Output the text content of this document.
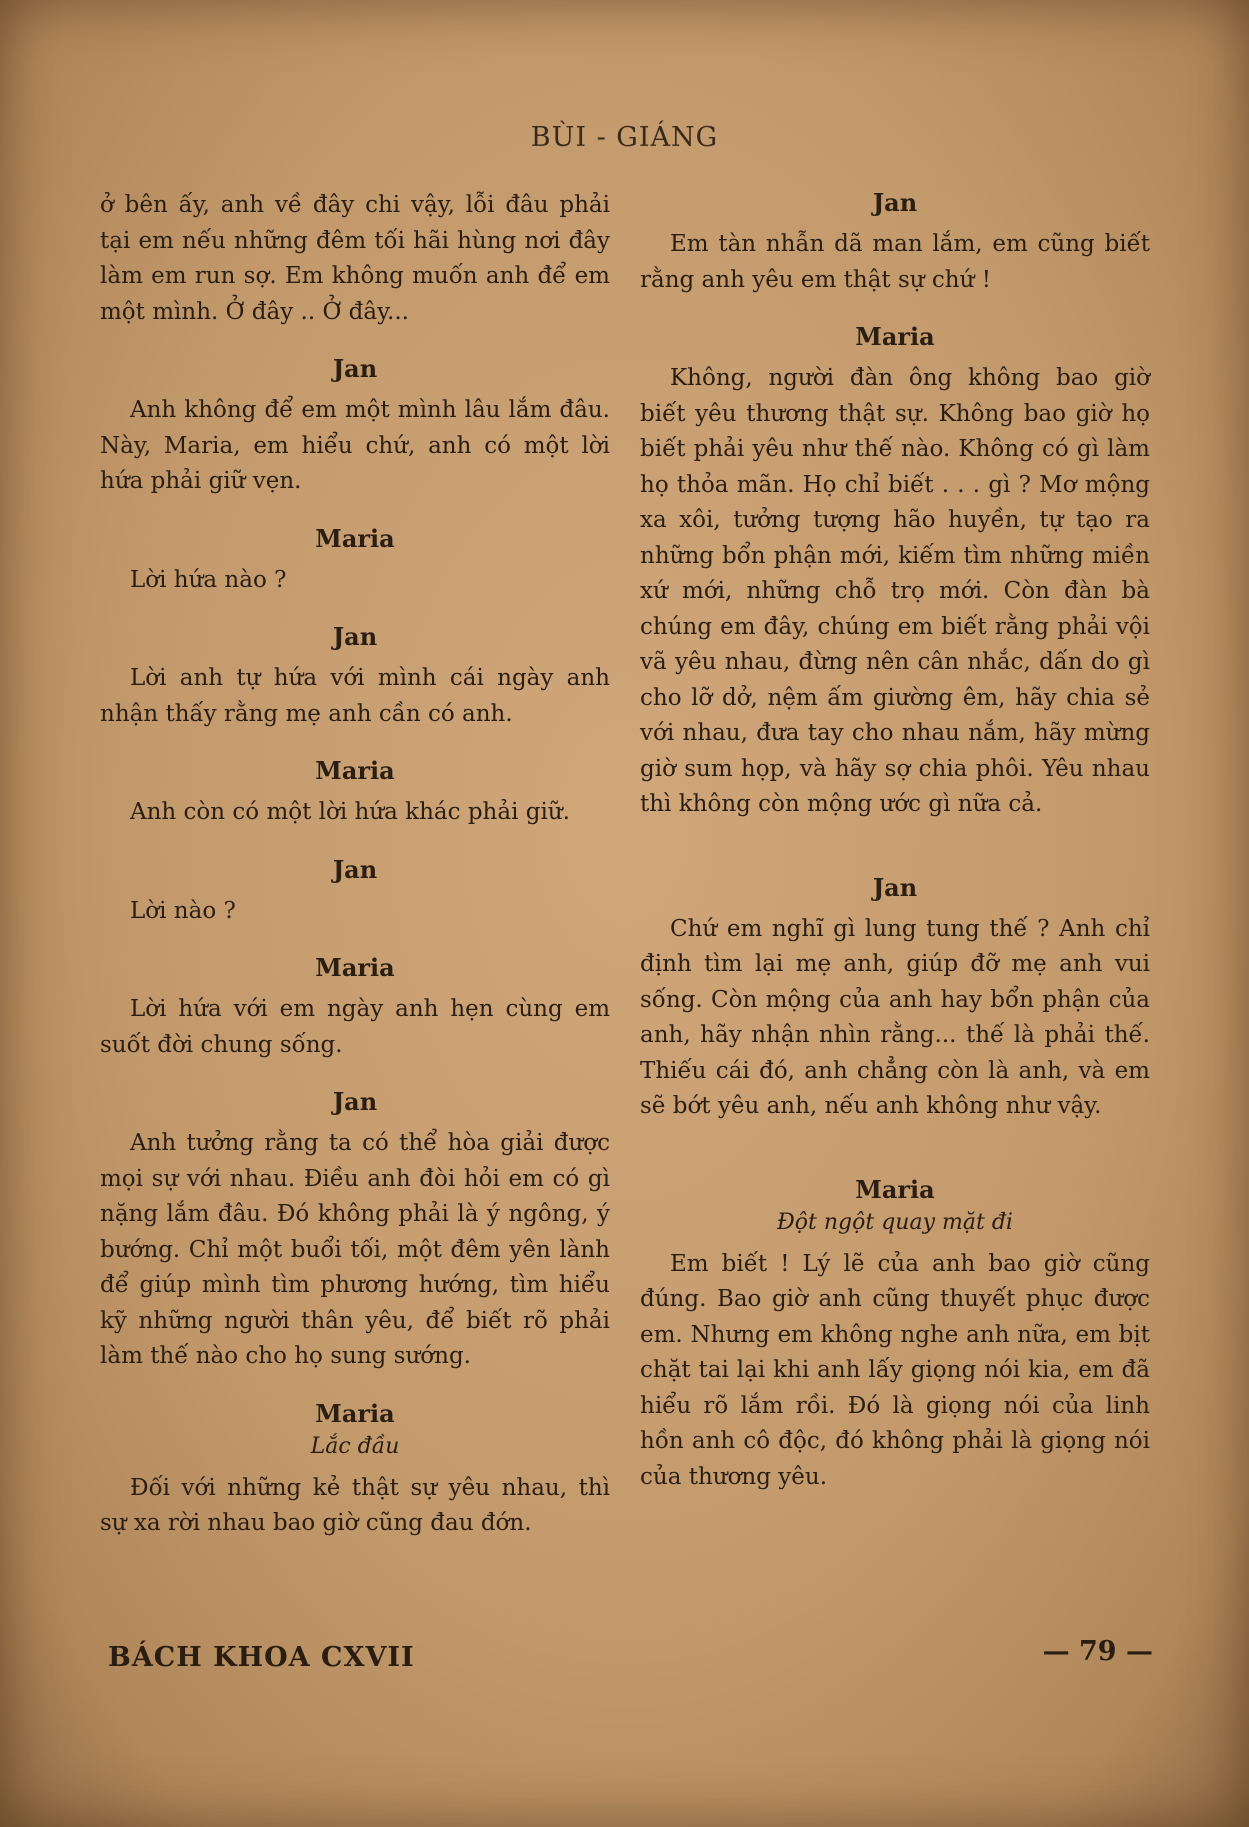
BÙI - GIÁNG
ở bên ấy, anh về đây chi vậy, lỗi đâu phải tại em nếu những đêm tối hãi hùng nơi đây làm em run sợ. Em không muốn anh để em một mình. Ở đây .. Ở đây...
Jan
Anh không để em một mình lâu lắm đâu. Này, Maria, em hiểu chứ, anh có một lời hứa phải giữ vẹn.
Maria
Lời hứa nào ?
Jan
Lời anh tự hứa với mình cái ngày anh nhận thấy rằng mẹ anh cần có anh.
Maria
Anh còn có một lời hứa khác phải giữ.
Jan
Lời nào ?
Maria
Lời hứa với em ngày anh hẹn cùng em suốt đời chung sống.
Jan
Anh tưởng rằng ta có thể hòa giải được mọi sự với nhau. Điều anh đòi hỏi em có gì nặng lắm đâu. Đó không phải là ý ngông, ý bướng. Chỉ một buổi tối, một đêm yên lành để giúp mình tìm phương hướng, tìm hiểu kỹ những người thân yêu, để biết rõ phải làm thế nào cho họ sung sướng.
Maria
Lắc đầu
Đối với những kẻ thật sự yêu nhau, thì sự xa rời nhau bao giờ cũng đau đớn.
Jan
Em tàn nhẫn dã man lắm, em cũng biết rằng anh yêu em thật sự chứ !
Maria
Không, người đàn ông không bao giờ biết yêu thương thật sự. Không bao giờ họ biết phải yêu như thế nào. Không có gì làm họ thỏa mãn. Họ chỉ biết . . . gì ? Mơ mộng xa xôi, tưởng tượng hão huyền, tự tạo ra những bổn phận mới, kiếm tìm những miền xứ mới, những chỗ trọ mới. Còn đàn bà chúng em đây, chúng em biết rằng phải vội vã yêu nhau, đừng nên cân nhắc, dấn do gì cho lỡ dở, nệm ấm giường êm, hãy chia sẻ với nhau, đưa tay cho nhau nắm, hãy mừng giờ sum họp, và hãy sợ chia phôi. Yêu nhau thì không còn mộng ước gì nữa cả.
Jan
Chứ em nghĩ gì lung tung thế ? Anh chỉ định tìm lại mẹ anh, giúp đỡ mẹ anh vui sống. Còn mộng của anh hay bổn phận của anh, hãy nhận nhìn rằng... thế là phải thế. Thiếu cái đó, anh chẳng còn là anh, và em sẽ bớt yêu anh, nếu anh không như vậy.
Maria
Đột ngột quay mặt đi
Em biết ! Lý lẽ của anh bao giờ cũng đúng. Bao giờ anh cũng thuyết phục được em. Nhưng em không nghe anh nữa, em bịt chặt tai lại khi anh lấy giọng nói kia, em đã hiểu rõ lắm rồi. Đó là giọng nói của linh hồn anh cô độc, đó không phải là giọng nói của thương yêu.
BÁCH KHOA CXVII	— 79 —
